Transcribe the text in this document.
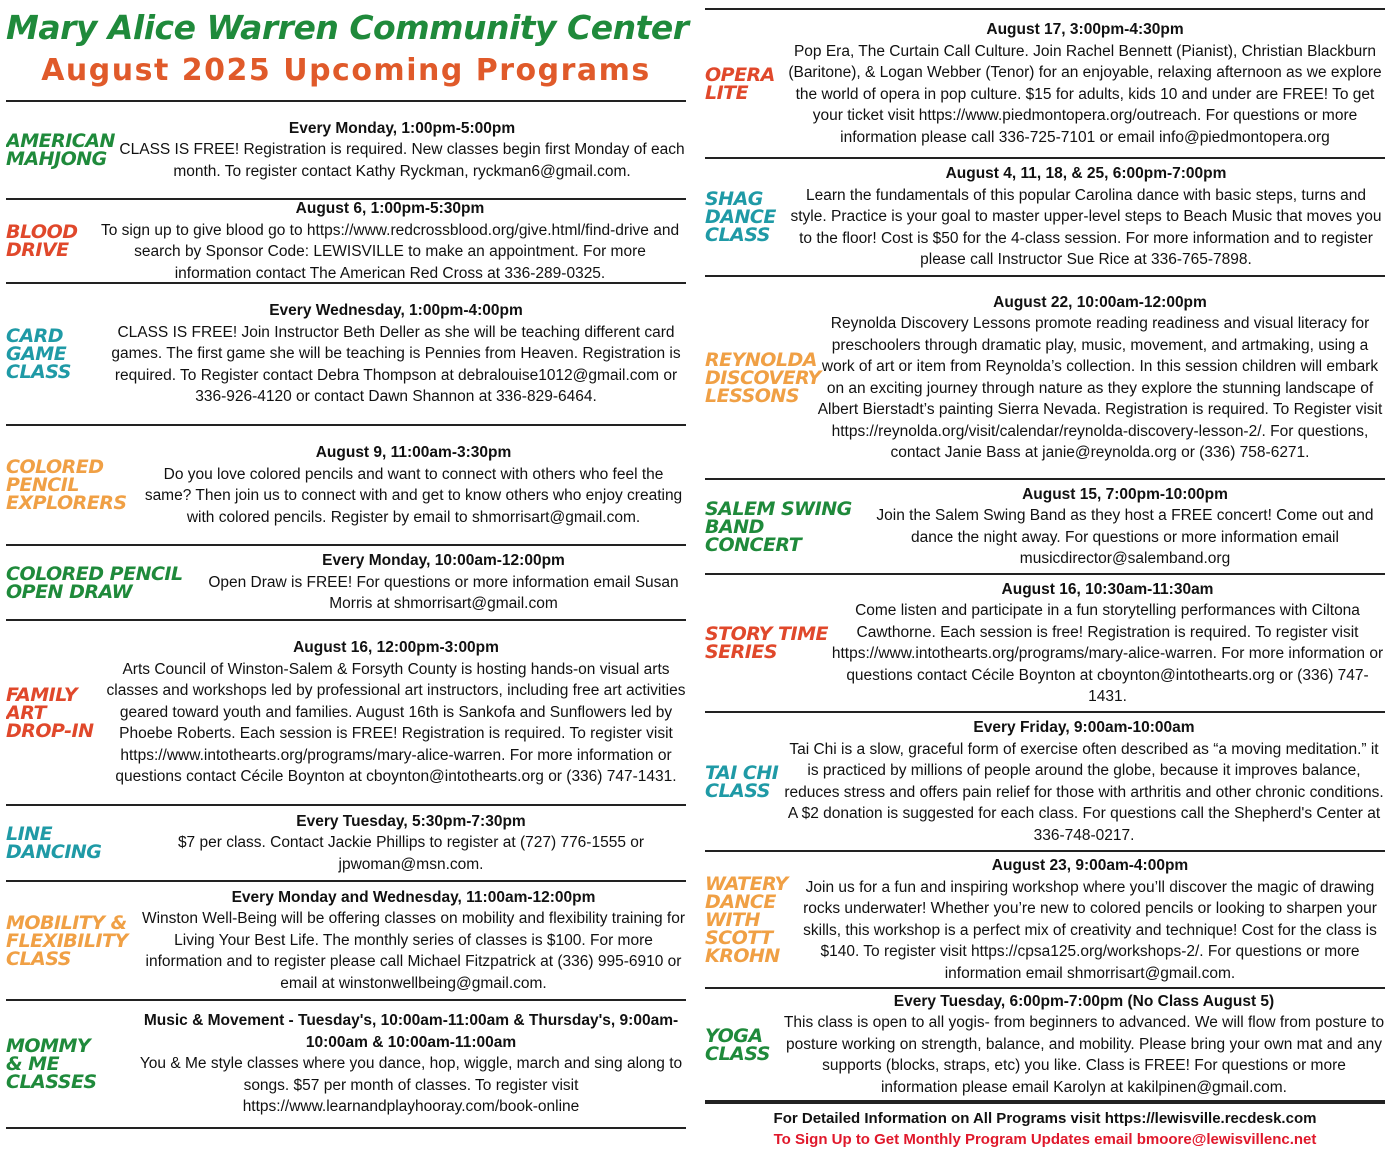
Mary Alice Warren Community Center
August 2025 Upcoming Programs
AMERICAN
MAHJONG
Every Monday, 1:00pm-5:00pm
CLASS IS FREE! Registration is required. New classes begin first Monday of each month. To register contact Kathy Ryckman, ryckman6@gmail.com.
BLOOD
DRIVE
August 6, 1:00pm-5:30pm
To sign up to give blood go to https://www.redcrossblood.org/give.html/find-drive and search by Sponsor Code: LEWISVILLE to make an appointment. For more information contact The American Red Cross at 336-289-0325.
CARD
GAME
CLASS
Every Wednesday, 1:00pm-4:00pm
CLASS IS FREE! Join Instructor Beth Deller as she will be teaching different card games. The first game she will be teaching is Pennies from Heaven. Registration is required. To Register contact Debra Thompson at debralouise1012@gmail.com or 336-926-4120 or contact Dawn Shannon at 336-829-6464.
COLORED
PENCIL
EXPLORERS
August 9, 11:00am-3:30pm
Do you love colored pencils and want to connect with others who feel the same? Then join us to connect with and get to know others who enjoy creating with colored pencils. Register by email to shmorrisart@gmail.com.
COLORED PENCIL
OPEN DRAW
Every Monday, 10:00am-12:00pm
Open Draw is FREE! For questions or more information email Susan Morris at shmorrisart@gmail.com
FAMILY
ART
DROP-IN
August 16, 12:00pm-3:00pm
Arts Council of Winston-Salem & Forsyth County is hosting hands-on visual arts classes and workshops led by professional art instructors, including free art activities geared toward youth and families. August 16th is Sankofa and Sunflowers led by Phoebe Roberts. Each session is FREE! Registration is required. To register visit https://www.intothearts.org/programs/mary-alice-warren. For more information or questions contact Cécile Boynton at cboynton@intothearts.org or (336) 747-1431.
LINE
DANCING
Every Tuesday, 5:30pm-7:30pm
$7 per class. Contact Jackie Phillips to register at (727) 776-1555 or jpwoman@msn.com.
MOBILITY &
FLEXIBILITY
CLASS
Every Monday and Wednesday, 11:00am-12:00pm
Winston Well-Being will be offering classes on mobility and flexibility training for Living Your Best Life. The monthly series of classes is $100. For more information and to register please call Michael Fitzpatrick at (336) 995-6910 or email at winstonwellbeing@gmail.com.
MOMMY
& ME
CLASSES
Music & Movement - Tuesday's, 10:00am-11:00am & Thursday's, 9:00am-10:00am & 10:00am-11:00am
You & Me style classes where you dance, hop, wiggle, march and sing along to songs. $57 per month of classes. To register visit https://www.learnandplayhooray.com/book-online
OPERA
LITE
August 17, 3:00pm-4:30pm
Pop Era, The Curtain Call Culture. Join Rachel Bennett (Pianist), Christian Blackburn (Baritone), & Logan Webber (Tenor) for an enjoyable, relaxing afternoon as we explore the world of opera in pop culture. $15 for adults, kids 10 and under are FREE! To get your ticket visit https://www.piedmontopera.org/outreach. For questions or more information please call 336-725-7101 or email info@piedmontopera.org
SHAG
DANCE
CLASS
August 4, 11, 18, & 25, 6:00pm-7:00pm
Learn the fundamentals of this popular Carolina dance with basic steps, turns and style. Practice is your goal to master upper-level steps to Beach Music that moves you to the floor! Cost is $50 for the 4-class session. For more information and to register please call Instructor Sue Rice at 336-765-7898.
REYNOLDA
DISCOVERY
LESSONS
August 22, 10:00am-12:00pm
Reynolda Discovery Lessons promote reading readiness and visual literacy for preschoolers through dramatic play, music, movement, and artmaking, using a work of art or item from Reynolda’s collection. In this session children will embark on an exciting journey through nature as they explore the stunning landscape of Albert Bierstadt’s painting Sierra Nevada. Registration is required. To Register visit https://reynolda.org/visit/calendar/reynolda-discovery-lesson-2/. For questions, contact Janie Bass at janie@reynolda.org or (336) 758-6271.
SALEM SWING
BAND CONCERT
August 15, 7:00pm-10:00pm
Join the Salem Swing Band as they host a FREE concert! Come out and dance the night away. For questions or more information email musicdirector@salemband.org
STORY TIME
SERIES
August 16, 10:30am-11:30am
Come listen and participate in a fun storytelling performances with Ciltona Cawthorne. Each session is free! Registration is required. To register visit https://www.intothearts.org/programs/mary-alice-warren. For more information or questions contact Cécile Boynton at cboynton@intothearts.org or (336) 747-1431.
TAI CHI
CLASS
Every Friday, 9:00am-10:00am
Tai Chi is a slow, graceful form of exercise often described as “a moving meditation.” it is practiced by millions of people around the globe, because it improves balance, reduces stress and offers pain relief for those with arthritis and other chronic conditions. A $2 donation is suggested for each class. For questions call the Shepherd's Center at 336-748-0217.
WATERY
DANCE
WITH
SCOTT
KROHN
August 23, 9:00am-4:00pm
Join us for a fun and inspiring workshop where you’ll discover the magic of drawing rocks underwater! Whether you’re new to colored pencils or looking to sharpen your skills, this workshop is a perfect mix of creativity and technique! Cost for the class is $140. To register visit https://cpsa125.org/workshops-2/. For questions or more information email shmorrisart@gmail.com.
YOGA
CLASS
Every Tuesday, 6:00pm-7:00pm (No Class August 5)
This class is open to all yogis- from beginners to advanced. We will flow from posture to posture working on strength, balance, and mobility. Please bring your own mat and any supports (blocks, straps, etc) you like. Class is FREE! For questions or more information please email Karolyn at kakilpinen@gmail.com.
For Detailed Information on All Programs visit https://lewisville.recdesk.com
To Sign Up to Get Monthly Program Updates email bmoore@lewisvillenc.net
